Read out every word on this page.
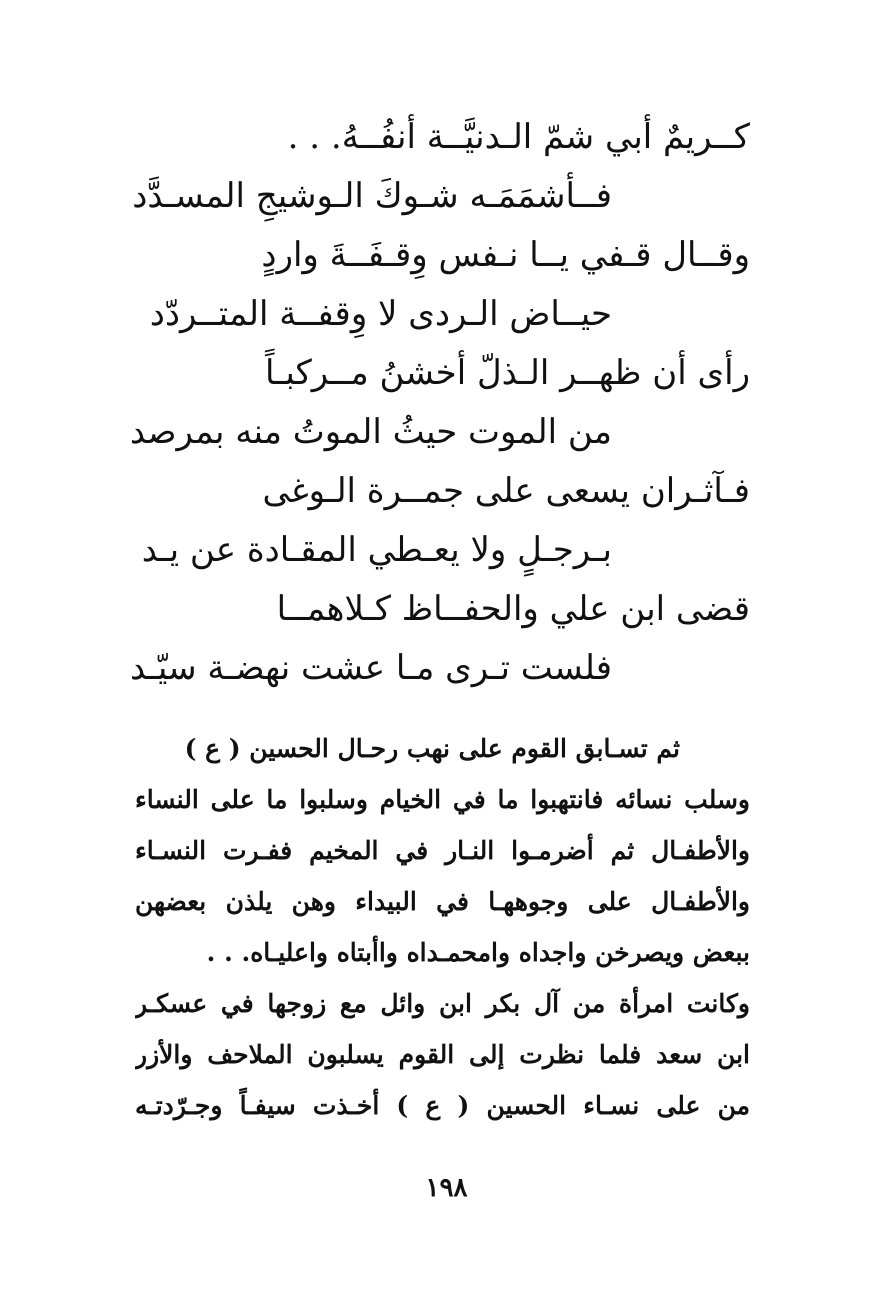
كــريمٌ أبي شمّ الـدنيَّــة أنفُــهُ. . .
فــأشمَمَـه شـوكَ الـوشيجِ المسـدَّد
وقــال قـفي يــا نـفس وِقـفَــةَ واردٍ
حيــاض الـردى لا وِقفــة المتــردّد
رأى أن ظهــر الـذلّ أخشنُ مــركبـاً
من الموت حيثُ الموتُ منه بمرصد
فـآثـران يسعى على جمــرة الـوغى
بـرجـلٍ ولا يعـطي المقـادة عن يـد
قضى ابن علي والحفــاظ كـلاهمــا
فلست تـرى مـا عشت نهضـة سيّـد
ثم تسـابق القوم على نهب رحـال الحسين ( ع )
وسلب نسائه فانتهبوا ما في الخيام وسلبوا ما على النساء
والأطفـال ثم أضرمـوا النـار في المخيم ففـرت النسـاء
والأطفـال على وجوههـا في البيداء وهن يلذن بعضهن
ببعض ويصرخن واجداه وامحمـداه واأبتاه واعليـاه. . .
وكانت امرأة من آل بكر ابن وائل مع زوجها في عسكـر
ابن سعد فلما نظرت إلى القوم يسلبون الملاحف والأزر
من على نسـاء الحسين ( ع ) أخـذت سيفـاً وجـرّدتـه
١٩٨
